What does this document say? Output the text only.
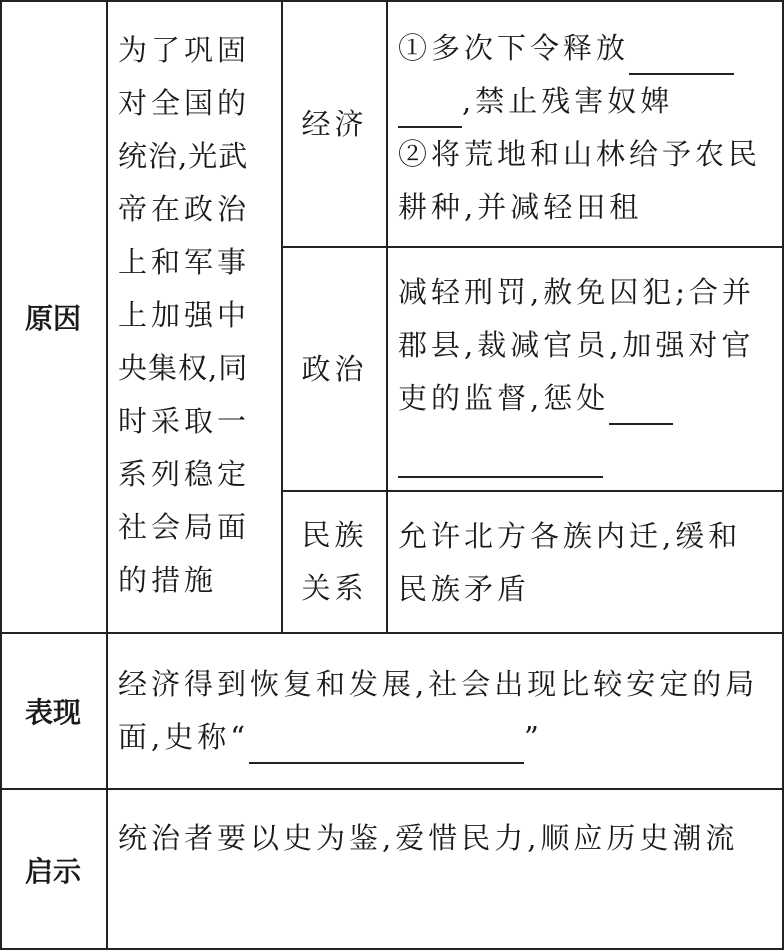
原因
表现
启示
为了巩固
对全国的
统治,光武
帝在政治
上和军事
上加强中
央集权,同
时采取一
系列稳定
社会局面
的措施
经济
①多次下令释放
,禁止残害奴婢
②将荒地和山林给予农民耕种,并减轻田租
政治
减轻刑罚,赦免囚犯;合并郡县,裁减官员,加强对官吏的监督,惩处

民族
关系
允许北方各族内迁,缓和民族矛盾
经济得到恢复和发展,社会出现比较安定的局面,史称“	”
统治者要以史为鉴,爱惜民力,顺应历史潮流
